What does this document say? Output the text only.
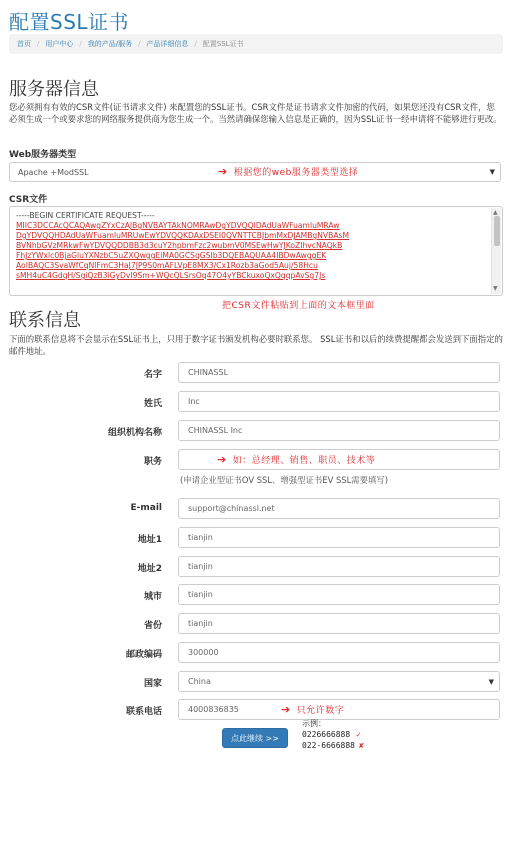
配置SSL证书
首页 / 用户中心 / 我的产品/服务 / 产品详细信息 / 配置SSL证书
服务器信息
您必须拥有有效的CSR文件(证书请求文件) 来配置您的SSL证书。CSR文件是证书请求文件加密的代码，如果您还没有CSR文件，您必须生成一个或要求您的网络服务提供商为您生成一个。当然请确保您输入信息是正确的，因为SSL证书一经申请将不能够进行更改。
Web服务器类型
Apache +ModSSL	▼
➔ 根据您的web服务器类型选择
CSR文件
-----BEGIN CERTIFICATE REQUEST-----
MIIC3DCCAcQCAQAwgZYxCzAJBgNVBAYTAkNOMRAwDgYDVQQIDAdUaWFuamluMRAw
DgYDVQQHDAdUaWFuamluMRUwEwYDVQQKDAxDSEI0QVNTTCBJbmMxDJAMBgNVBAsM
BVNhbGVzMRkwFwYDVQQDDBB3d3cuY2hpbmFzc2wubmV0MSEwHwYJKoZIhvcNAQkB
FhJzYWxlc0BjaGluYXNzbC5uZXQwggEiMA0GCSqGSIb3DQEBAQUAA4IBDwAwggEK
AoIBAQC3SvaWfCqNlFmC3HaJ7JP9S0mAFLVpE8MX3/Cx1Rozb3aGod5Auj/58Hcu
sMH4uC4GdqH/SgiQzB3iGyDvI9Sm+WQcQLSrsOq47O4yYBCkuxoQxQqqpAvSg7Js
▲
▼
把CSR文件粘贴到上面的文本框里面
联系信息
下面的联系信息将不会显示在SSL证书上，只用于数字证书颁发机构必要时联系您。 SSL证书和以后的续费提醒都会发送到下面指定的邮件地址。
名字	CHINASSL
姓氏	Inc
组织机构名称	CHINASSL Inc
职务	➔ 如：总经理、销售、职员、技术等
(申请企业型证书OV SSL、增强型证书EV SSL需要填写)
E-mail	support@chinassl.net
地址1	tianjin
地址2	tianjin
城市	tianjin
省份	tianjin
邮政编码	300000
国家	China	▼
联系电话	4000836835	➔ 只允许数字
点此继续 >>
示例：
0226666888 ✓
022-6666888 ✘
